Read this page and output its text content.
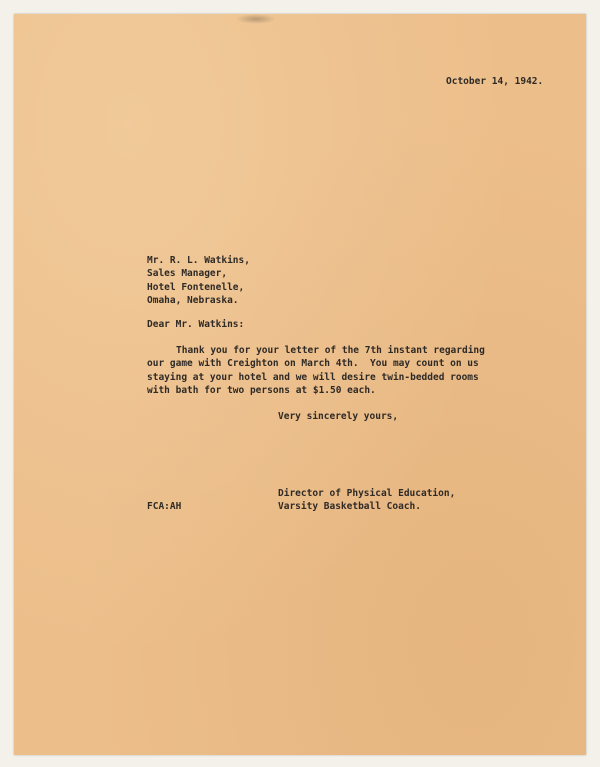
October 14, 1942.
Mr. R. L. Watkins,
Sales Manager,
Hotel Fontenelle,
Omaha, Nebraska.
Dear Mr. Watkins:
Thank you for your letter of the 7th instant regarding
our game with Creighton on March 4th.  You may count on us
staying at your hotel and we will desire twin-bedded rooms
with bath for two persons at $1.50 each.
Very sincerely yours,
Director of Physical Education,
Varsity Basketball Coach.
FCA:AH
